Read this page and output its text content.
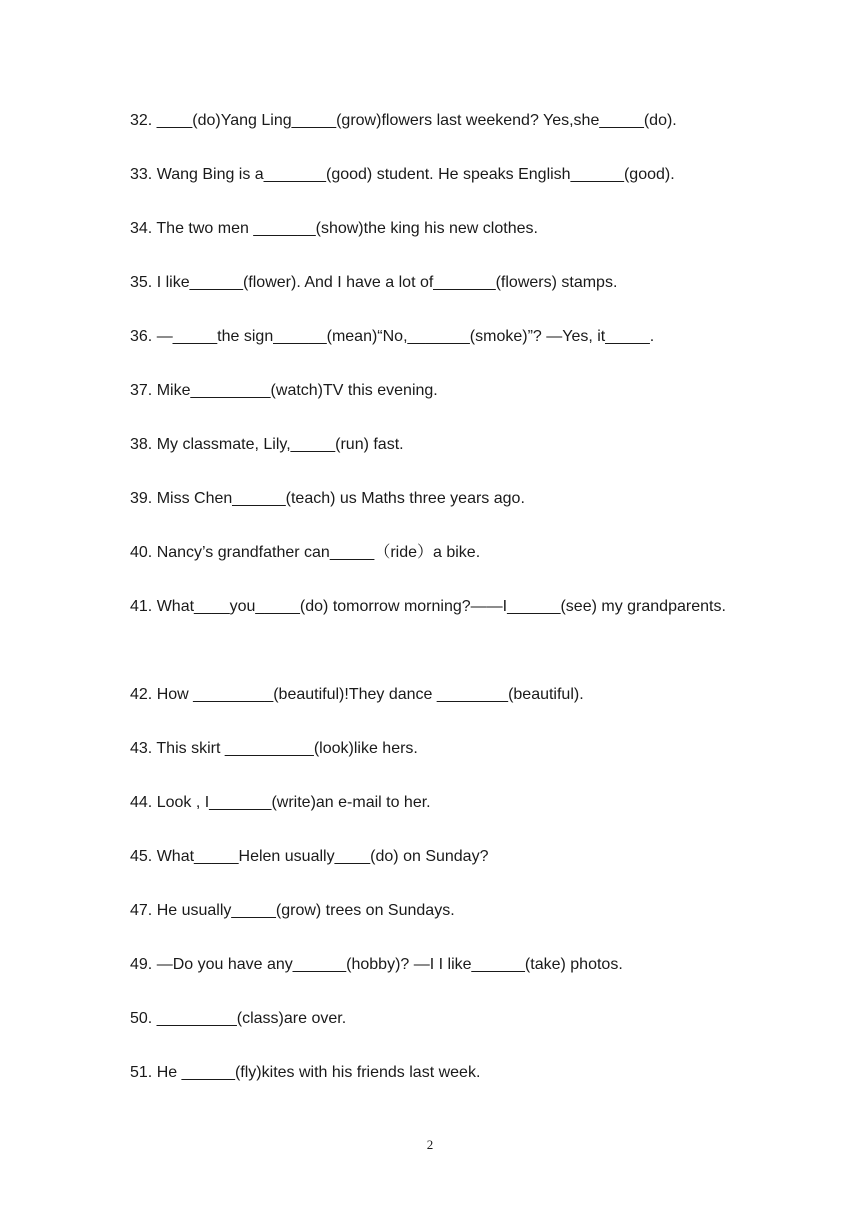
32. ____(do)Yang Ling_____(grow)flowers last weekend? Yes,she_____(do).

33. Wang Bing is a_______(good) student. He speaks English______(good).

34. The two men _______(show)the king his new clothes.

35. I like______(flower). And I have a lot of_______(flowers) stamps.

36. —_____the sign______(mean)“No,_______(smoke)”? —Yes, it_____.

37. Mike_________(watch)TV this evening.

38. My classmate, Lily,_____(run) fast.

39. Miss Chen______(teach) us Maths three years ago.

40. Nancy’s grandfather can_____（ride）a bike.

41. What____you_____(do) tomorrow morning?——I______(see) my grandparents.

42. How _________(beautiful)!They dance ________(beautiful).

43. This skirt __________(look)like hers.

44. Look , I_______(write)an e-mail to her.

45. What_____Helen usually____(do) on Sunday?

47. He usually_____(grow) trees on Sundays.

49. —Do you have any______(hobby)? —I I like______(take) photos.

50. _________(class)are over.

51. He ______(fly)kites with his friends last week.

2
